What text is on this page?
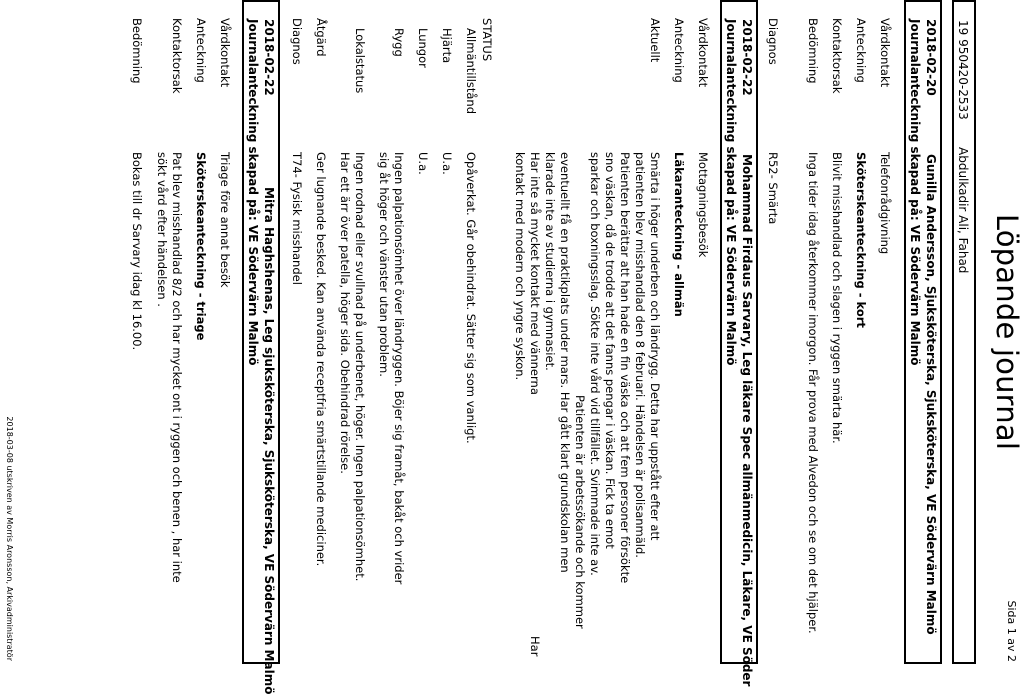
Löpande journal
Sida 1 av 2
19 950420-2533
Abdulkadir Ali, Fahad
2018-02-20
Gunilla Andersson, Sjuksköterska, Sjuksköterska, VE Södervärn Malmö
Journalanteckning skapad på: VE Södervärn Malmö
Vårdkontakt
Telefonrådgivning
Anteckning
Sköterskeanteckning - kort
Kontaktorsak
Blivit misshandlad och slagen i ryggen smärta här.
Bedömning
Inga tider idag återkommer imorgon. Får prova med Alvedon och se om det hjälper.
Diagnos
R52- Smärta
2018-02-22
Mohammad Firdaus Sarvary, Leg läkare Spec allmänmedicin, Läkare, VE Söder
Journalanteckning skapad på: VE Södervärn Malmö
Vårdkontakt
Mottagningsbesök
Anteckning
Läkaranteckning - allmän
Aktuellt
Smärta i höger underben och ländrygg. Detta har uppstått efter att
patienten blev misshandlad den 8 februari. Händelsen är polisanmäld.
Patienten berättar att han hade en fin väska och att fem personer försökte
sno väskan, då de trodde att det fanns pengar i väskan. Fick ta emot
sparkar och boxningsslag. Sökte inte vård vid tillfället. Svimmade inte av.
Patienten är arbetssökande och kommer
eventuellt få en praktikplats under mars. Har gått klart grundskolan men
klarade inte av studierna i gymnasiet.
Har inte så mycket kontakt med vännerna
Har
kontakt med modern och yngre syskon.
STATUS
Allmäntillstånd
Opåverkat. Går obehindrat. Sätter sig som vanligt.
Hjärta
U.a.
Lungor
U.a.
Rygg
Ingen palpationsömhet över ländryggen. Böjer sig framåt, bakåt och vrider
sig åt höger och vänster utan problem.
Lokalstatus
Ingen rodnad eller svullnad på underbenet, höger. Ingen palpationsömhet.
Har ett ärr över patella, höger sida. Obehindrad rörelse.
Åtgärd
Ger lugnande besked. Kan använda receptfria smärtstillande mediciner.
Diagnos
T74- Fysisk misshandel
2018-02-22
Mitra Haghshenas, Leg sjuksköterska, Sjuksköterska, VE Södervärn Malmö
Journalanteckning skapad på: VE Södervärn Malmö
Vårdkontakt
Triage före annat besök
Anteckning
Sköterskeanteckning - triage
Kontaktorsak
Pat blev misshandlad 8/2 och har mycket ont i ryggen och benen , har inte
sökt vård efter händelsen .
Bedömning
Bokas till dr Sarvary idag kl 16.00.
2018-03-08 utskriven av Morris Aronsson, Arkivadministratör
